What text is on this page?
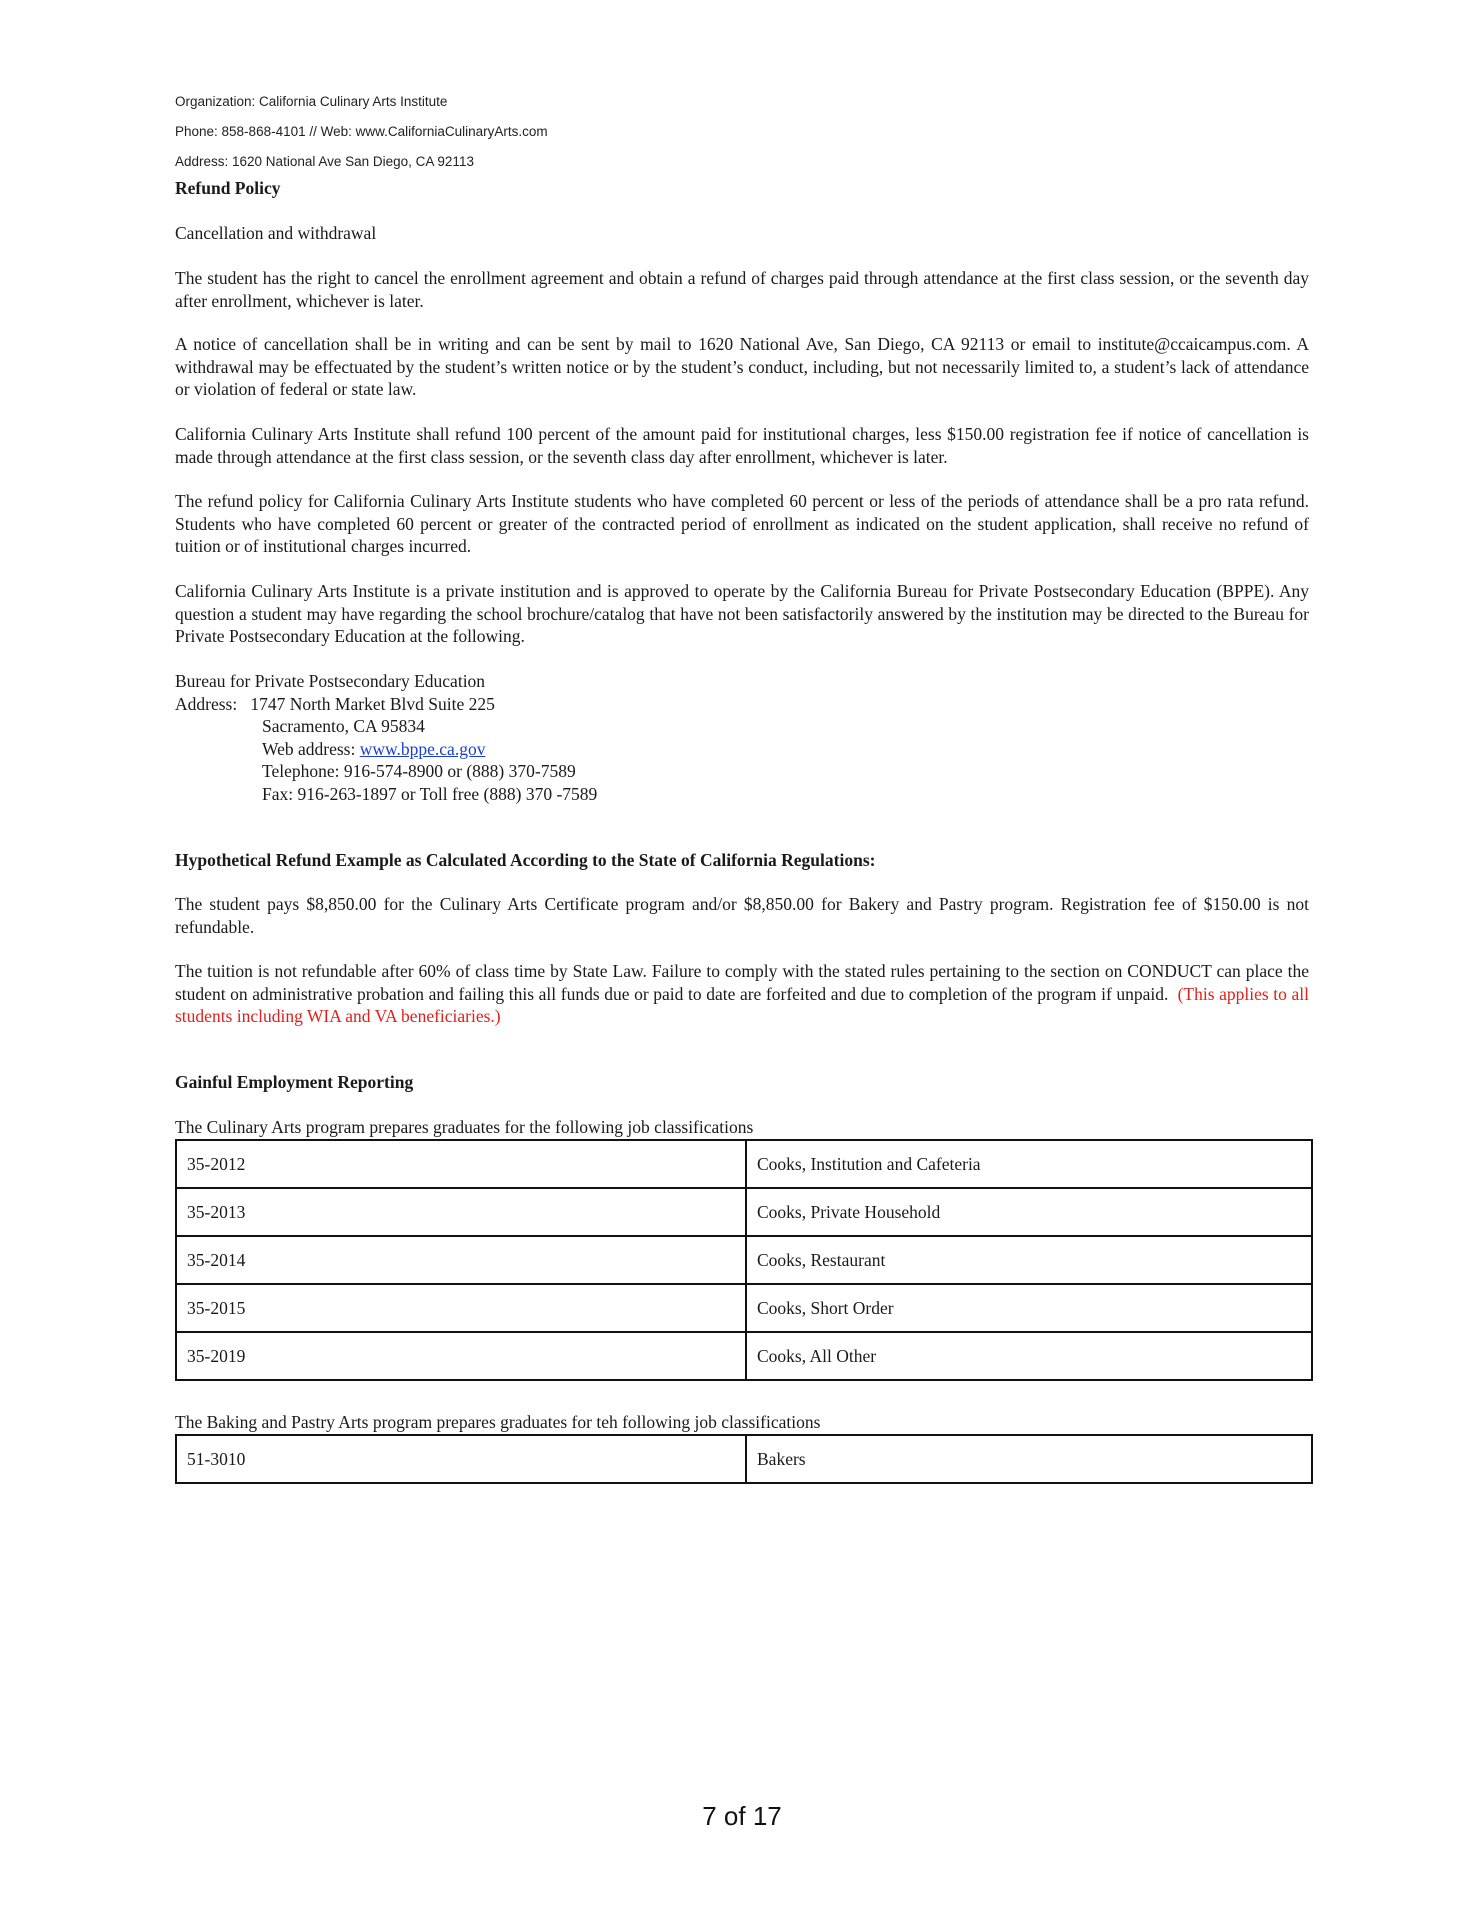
Organization: California Culinary Arts Institute
Phone: 858-868-4101 // Web: www.CaliforniaCulinaryArts.com
Address: 1620 National Ave San Diego, CA 92113
Refund Policy
Cancellation and withdrawal
The student has the right to cancel the enrollment agreement and obtain a refund of charges paid through attendance at the first class session, or the seventh day after enrollment, whichever is later.
A notice of cancellation shall be in writing and can be sent by mail to 1620 National Ave, San Diego, CA 92113 or email to institute@ccaicampus.com. A withdrawal may be effectuated by the student’s written notice or by the student’s conduct, including, but not necessarily limited to, a student’s lack of attendance or violation of federal or state law.
California Culinary Arts Institute shall refund 100 percent of the amount paid for institutional charges, less $150.00 registration fee if notice of cancellation is made through attendance at the first class session, or the seventh class day after enrollment, whichever is later.
The refund policy for California Culinary Arts Institute students who have completed 60 percent or less of the periods of attendance shall be a pro rata refund. Students who have completed 60 percent or greater of the contracted period of enrollment as indicated on the student application, shall receive no refund of tuition or of institutional charges incurred.
California Culinary Arts Institute is a private institution and is approved to operate by the California Bureau for Private Postsecondary Education (BPPE). Any question a student may have regarding the school brochure/catalog that have not been satisfactorily answered by the institution may be directed to the Bureau for Private Postsecondary Education at the following.
Bureau for Private Postsecondary Education
Address: 1747 North Market Blvd Suite 225
Sacramento, CA 95834
Web address: www.bppe.ca.gov
Telephone: 916-574-8900 or (888) 370-7589
Fax: 916-263-1897 or Toll free (888) 370 -7589
Hypothetical Refund Example as Calculated According to the State of California Regulations:
The student pays $8,850.00 for the Culinary Arts Certificate program and/or $8,850.00 for Bakery and Pastry program. Registration fee of $150.00 is not refundable.
The tuition is not refundable after 60% of class time by State Law. Failure to comply with the stated rules pertaining to the section on CONDUCT can place the student on administrative probation and failing this all funds due or paid to date are forfeited and due to completion of the program if unpaid. (This applies to all students including WIA and VA beneficiaries.)
Gainful Employment Reporting
The Culinary Arts program prepares graduates for the following job classifications
35-2012	Cooks, Institution and Cafeteria
35-2013	Cooks, Private Household
35-2014	Cooks, Restaurant
35-2015	Cooks, Short Order
35-2019	Cooks, All Other
The Baking and Pastry Arts program prepares graduates for teh following job classifications
51-3010	Bakers
7 of 17
